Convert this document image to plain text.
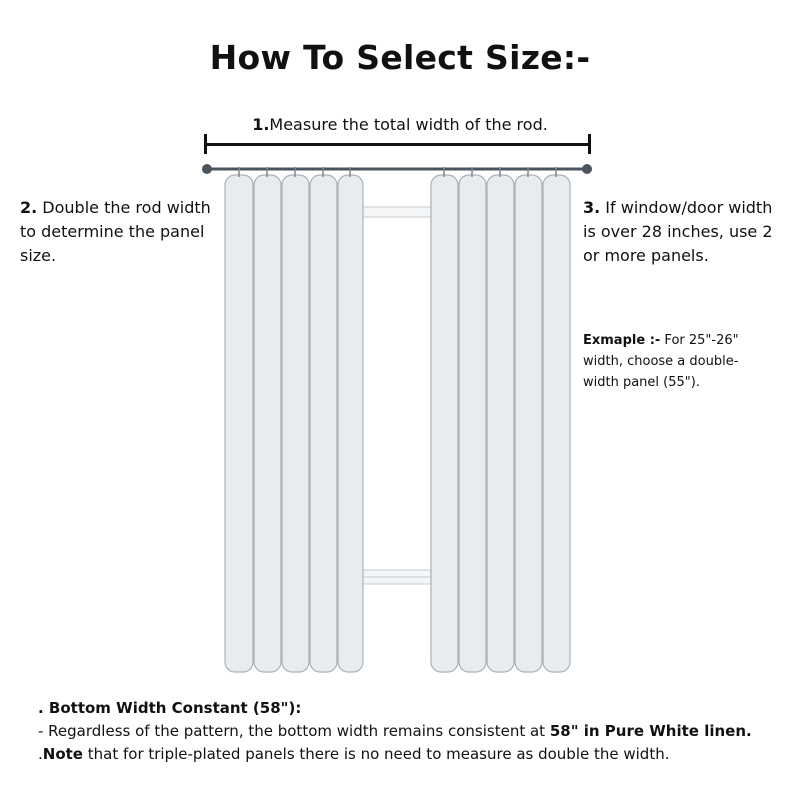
How To Select Size:-
1.Measure the total width of the rod.
2. Double the rod width to determine the panel size.
3. If window/door width is over 28 inches, use 2 or more panels.
Exmaple :- For 25"-26" width, choose a double-width panel (55").
. Bottom Width Constant (58"):
- Regardless of the pattern, the bottom width remains consistent at 58" in Pure White linen.
.Note that for triple-plated panels there is no need to measure as double the width.
